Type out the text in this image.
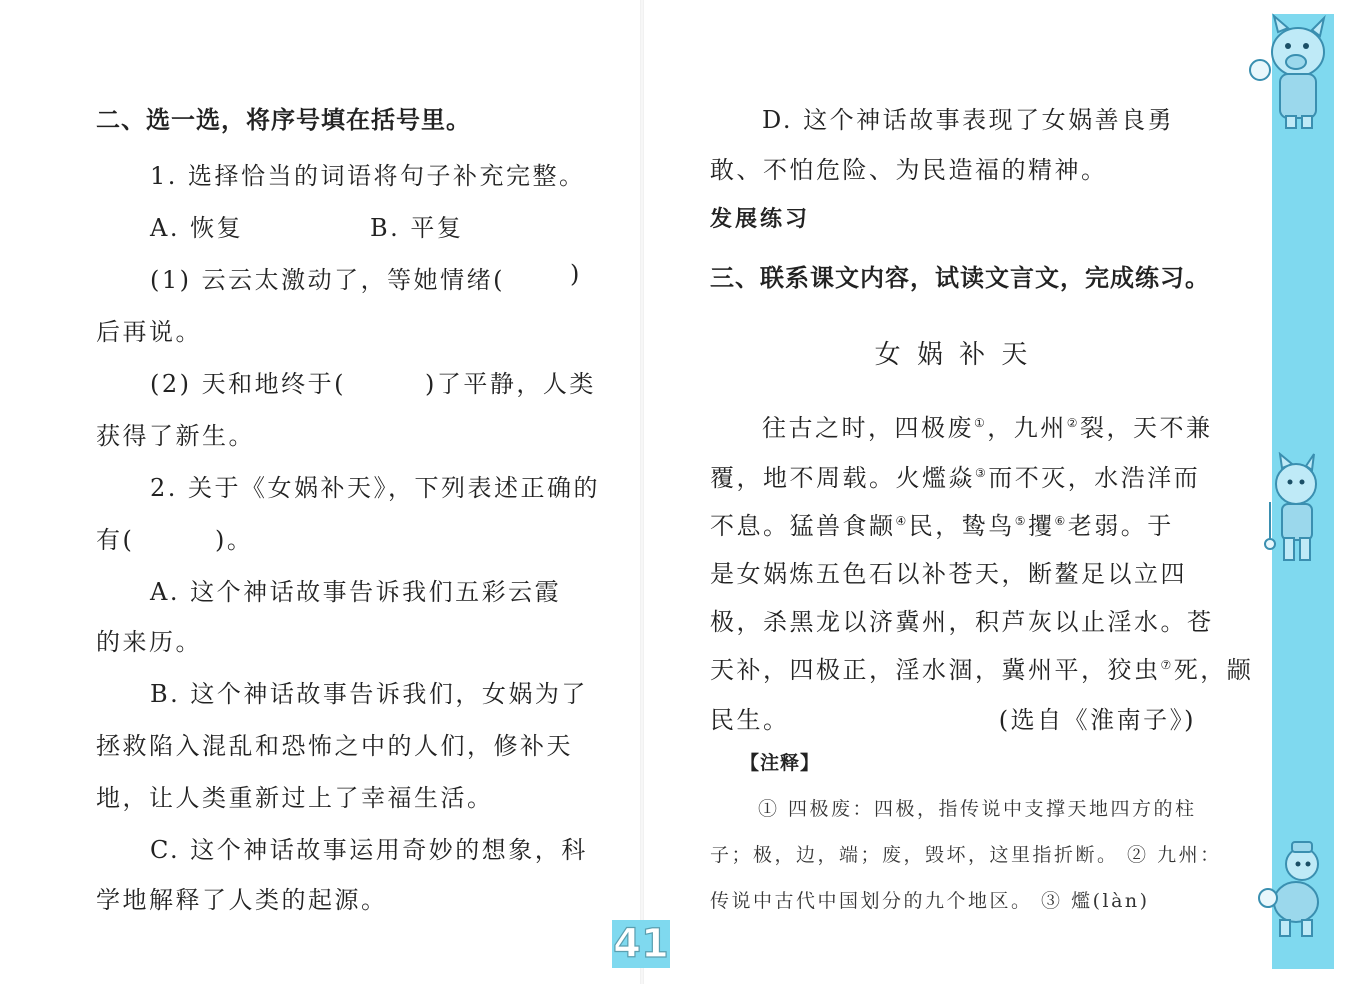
二、选一选，将序号填在括号里。
1. 选择恰当的词语将句子补充完整。
A. 恢复	B. 平复
(1) 云云太激动了，等她情绪(	)
后再说。
(2) 天和地终于(	)了平静，人类
获得了新生。
2. 关于《女娲补天》，下列表述正确的
有(	)。
A. 这个神话故事告诉我们五彩云霞
的来历。
B. 这个神话故事告诉我们，女娲为了
拯救陷入混乱和恐怖之中的人们，修补天
地，让人类重新过上了幸福生活。
C. 这个神话故事运用奇妙的想象，科
学地解释了人类的起源。
D. 这个神话故事表现了女娲善良勇
敢、不怕危险、为民造福的精神。
发展练习
三、联系课文内容，试读文言文，完成练习。
女 娲 补 天
往古之时，四极废①，九州②裂，天不兼
覆，地不周载。火爁焱③而不灭，水浩洋而
不息。猛兽食颛④民，鸷鸟⑤攫⑥老弱。于
是女娲炼五色石以补苍天，断鳌足以立四
极，杀黑龙以济冀州，积芦灰以止淫水。苍
天补，四极正，淫水涸，冀州平，狡虫⑦死，颛
民生。	(选自《淮南子》)
【注释】
① 四极废：四极，指传说中支撑天地四方的柱
子；极，边，端；废，毁坏，这里指折断。 ② 九州：
传说中古代中国划分的九个地区。 ③ 爁(làn)
41
